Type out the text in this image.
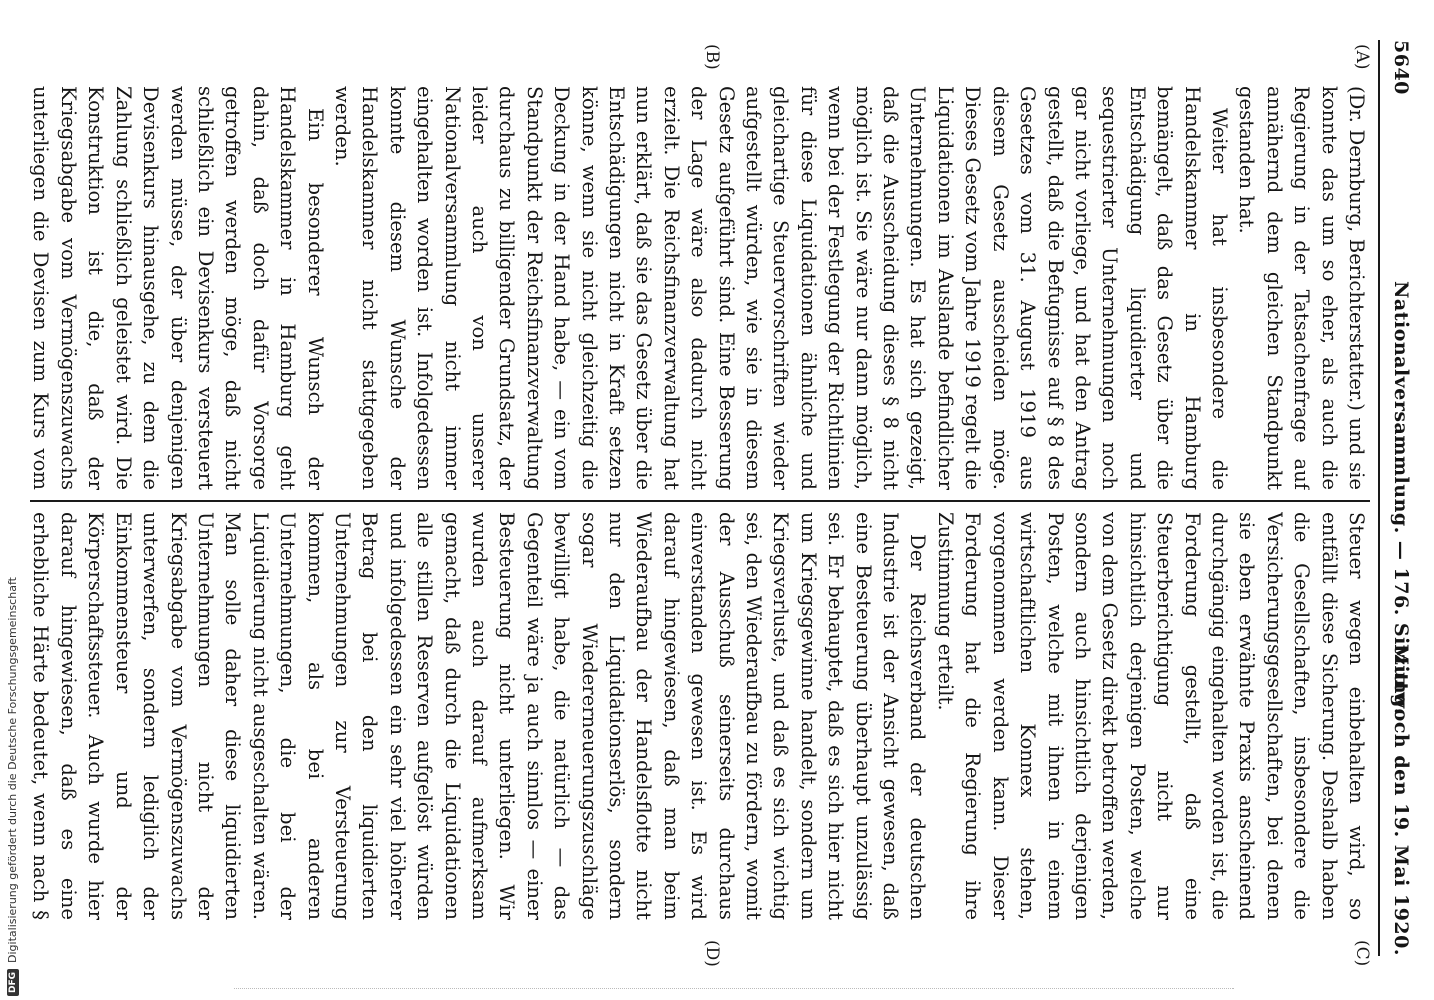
5640
Nationalversammlung. — 176. Sitzung.
Mittwoch den 19. Mai 1920.
(A)
(B)
(C)
(D)

(Dr. Dernburg, Berichterstatter.) und sie konnte das um so eher, als auch die Regierung in der Tatsachenfrage auf annähernd dem gleichen Standpunkt gestanden hat.

Weiter hat insbesondere die Handelskammer in Hamburg bemängelt, daß das Gesetz über die Entschädigung liquidierter und sequestrierter Unternehmungen noch gar nicht vorliege, und hat den Antrag gestellt, daß die Befugnisse auf § 8 des Gesetzes vom 31. August 1919 aus diesem Gesetz ausscheiden möge. Dieses Gesetz vom Jahre 1919 regelt die Liquidationen im Auslande befindlicher Unternehmungen. Es hat sich gezeigt, daß die Ausscheidung dieses § 8 nicht möglich ist. Sie wäre nur dann möglich, wenn bei der Festlegung der Richtlinien für diese Liquidationen ähnliche und gleichartige Steuervorschriften wieder aufgestellt würden, wie sie in diesem Gesetz aufgeführt sind. Eine Besserung der Lage wäre also dadurch nicht erzielt. Die Reichsfinanzverwaltung hat nun erklärt, daß sie das Gesetz über die Entschädigungen nicht in Kraft setzen könne, wenn sie nicht gleichzeitig die Deckung in der Hand habe, — ein vom Standpunkt der Reichsfinanzverwaltung durchaus zu billigender Grundsatz, der leider auch von unserer Nationalversammlung nicht immer eingehalten worden ist. Infolgedessen konnte diesem Wunsche der Handelskammer nicht stattgegeben werden.

Ein besonderer Wunsch der Handelskammer in Hamburg geht dahin, daß doch dafür Vorsorge getroffen werden möge, daß nicht schließlich ein Devisenkurs versteuert werden müsse, der über denjenigen Devisenkurs hinausgehe, zu dem die Zahlung schließlich geleistet wird. Die Konstruktion ist die, daß der Kriegsabgabe vom Vermögenszuwachs unterliegen die Devisen zum Kurs vom

Steuer wegen einbehalten wird, so entfällt diese Sicherung. Deshalb haben die Gesellschaften, insbesondere die Versicherungsgesellschaften, bei denen sie eben erwähnte Praxis anscheinend durchgängig eingehalten worden ist, die Forderung gestellt, daß eine Steuerberichtigung nicht nur hinsichtlich derjenigen Posten, welche von dem Gesetz direkt betroffen werden, sondern auch hinsichtlich derjenigen Posten, welche mit ihnen in einem wirtschaftlichen Konnex stehen, vorgenommen werden kann. Dieser Forderung hat die Regierung ihre Zustimmung erteilt.

Der Reichsverband der deutschen Industrie ist der Ansicht gewesen, daß eine Besteuerung überhaupt unzulässig sei. Er behauptet, daß es sich hier nicht um Kriegsgewinne handelt, sondern um Kriegsverluste, und daß es sich wichtig sei, den Wiederaufbau zu fördern, womit der Ausschuß seinerseits durchaus einverstanden gewesen ist. Es wird darauf hingewiesen, daß man beim Wiederaufbau der Handelsflotte nicht nur den Liquidationserlös, sondern sogar Wiedererneuerungszuschläge bewilligt habe, die natürlich — das Gegenteil wäre ja auch sinnlos — einer Besteuerung nicht unterliegen. Wir wurden auch darauf aufmerksam gemacht, daß durch die Liquidationen alle stillen Reserven aufgelöst würden und infolgedessen ein sehr viel höherer Betrag bei den liquidierten Unternehmungen zur Versteuerung kommen, als bei anderen Unternehmungen, die bei der Liquidierung nicht ausgeschalten wären. Man solle daher diese liquidierten Unternehmungen nicht der Kriegsabgabe vom Vermögenszuwachs unterwerfen, sondern lediglich der Einkommensteuer und der Körperschaftssteuer. Auch wurde hier darauf hingewiesen, daß es eine erhebliche Härte bedeutet, wenn nach §

DFGDigitalisierung gefördert durch die Deutsche Forschungsgemeinschaft
